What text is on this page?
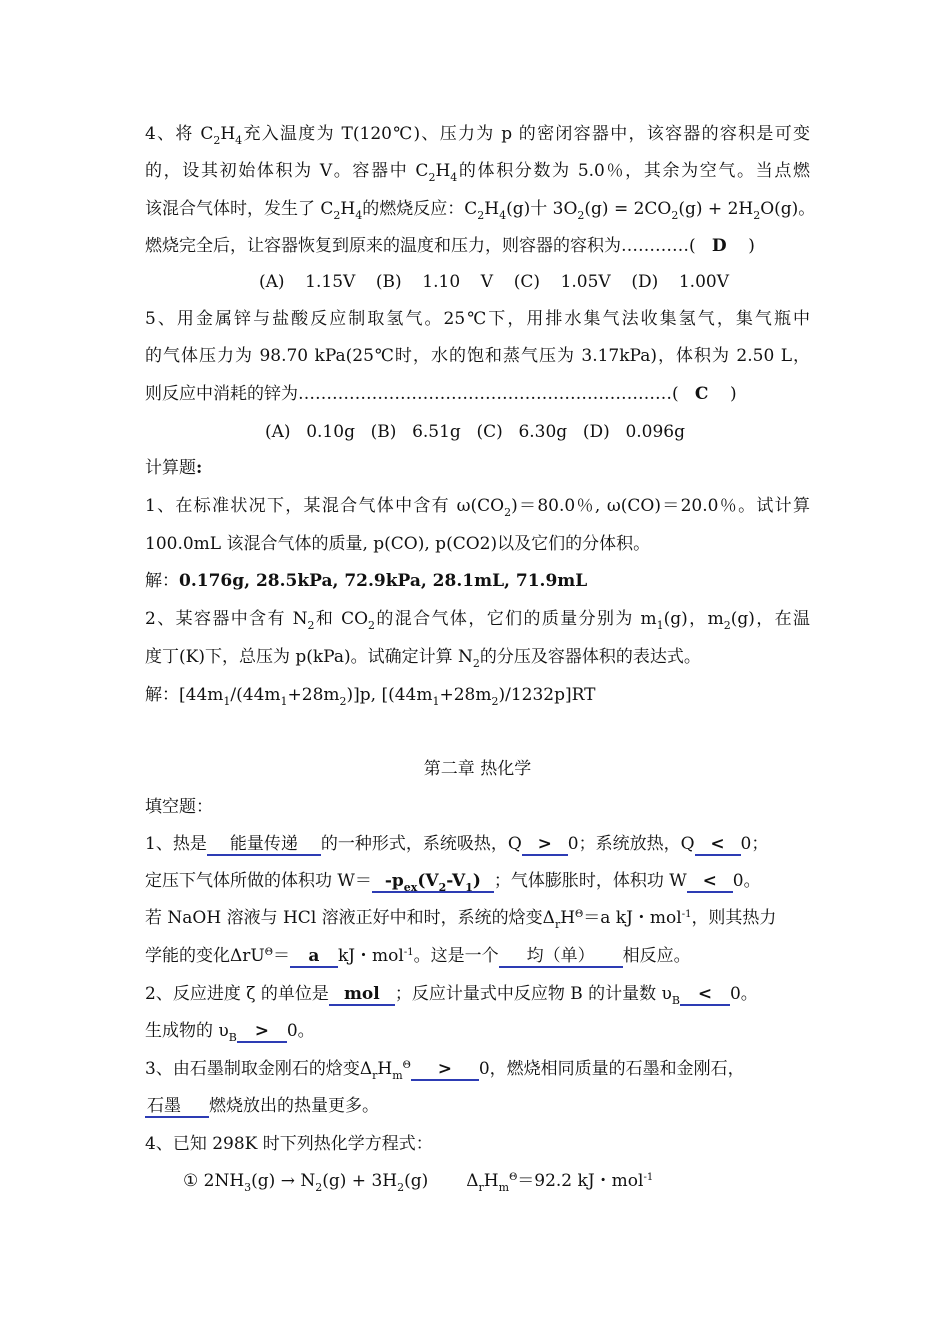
4、将 $C_2H_4$充入温度为 T(120℃)、压力为 p 的密闭容器中，该容器的容积是可变
的，设其初始体积为 V。容器中 $C_2H_4$的体积分数为 5.0％，其余为空气。当点燃
该混合气体时，发生了 $C_2H_4$的燃烧反应：$C_2H_4(g)$十 $3O_2(g) = 2CO_2(g) + 2H_2O(g)$。
燃烧完全后，让容器恢复到原来的温度和压力，则容器的容积为…………( D )
(A) 1.15V (B) 1.10 V (C) 1.05V (D) 1.00V
5、用金属锌与盐酸反应制取氢气。25℃下，用排水集气法收集氢气，集气瓶中
的气体压力为 98.70 kPa(25℃时，水的饱和蒸气压为 3.17kPa)，体积为 2.50 L，
则反应中消耗的锌为…………………………………………………………( C )
(A) 0.10g (B) 6.51g (C) 6.30g (D) 0.096g
计算题:
1、在标准状况下，某混合气体中含有 $\omega(CO_2)=80.0$％, ω(CO)＝20.0％。试计算
100.0mL 该混合气体的质量, p(CO), p(CO2)以及它们的分体积。
解：0.176g, 28.5kPa, 72.9kPa, 28.1mL, 71.9mL
2、某容器中含有 $N_2$和 $CO_2$的混合气体，它们的质量分别为 $m_1(g)$，$m_2(g)$，在温
度丁(K)下，总压为 p(kPa)。试确定计算 $N_2$的分压及容器体积的表达式。
解：$[44m_1/(44m_1+28m_2)]p$, $[(44m_1+28m_2)/1232p]RT$
第二章 热化学
填空题：
1、热是 能量传递 的一种形式，系统吸热，Q > 0；系统放热，Q < 0；
定压下气体所做的体积功 $W= -p_{ex}(V_2-V_1)$ ；气体膨胀时，体积功 W < 0。
若 NaOH 溶液与 HCl 溶液正好中和时，系统的焓变$\Delta_rH^\Theta=a$ kJ・mol$^{-1}$，则其热力
学能的变化ΔrU$^\Theta$＝ a kJ・mol$^{-1}$。这是一个 均（单） 相反应。
2、反应进度 ζ 的单位是 mol ；反应计量式中反应物 B 的计量数 $\upsilon_B < 0$。
生成物的 $\upsilon_B > 0$。
3、由石墨制取金刚石的焓变$\Delta_rH_m^\Theta > 0$，燃烧相同质量的石墨和金刚石，
石墨 燃烧放出的热量更多。
4、已知 298K 时下列热化学方程式：
① $2NH_3(g) \to N_2(g) + 3H_2(g)$ $\Delta_rH_m^\Theta=92.2$ kJ・mol$^{-1}$
